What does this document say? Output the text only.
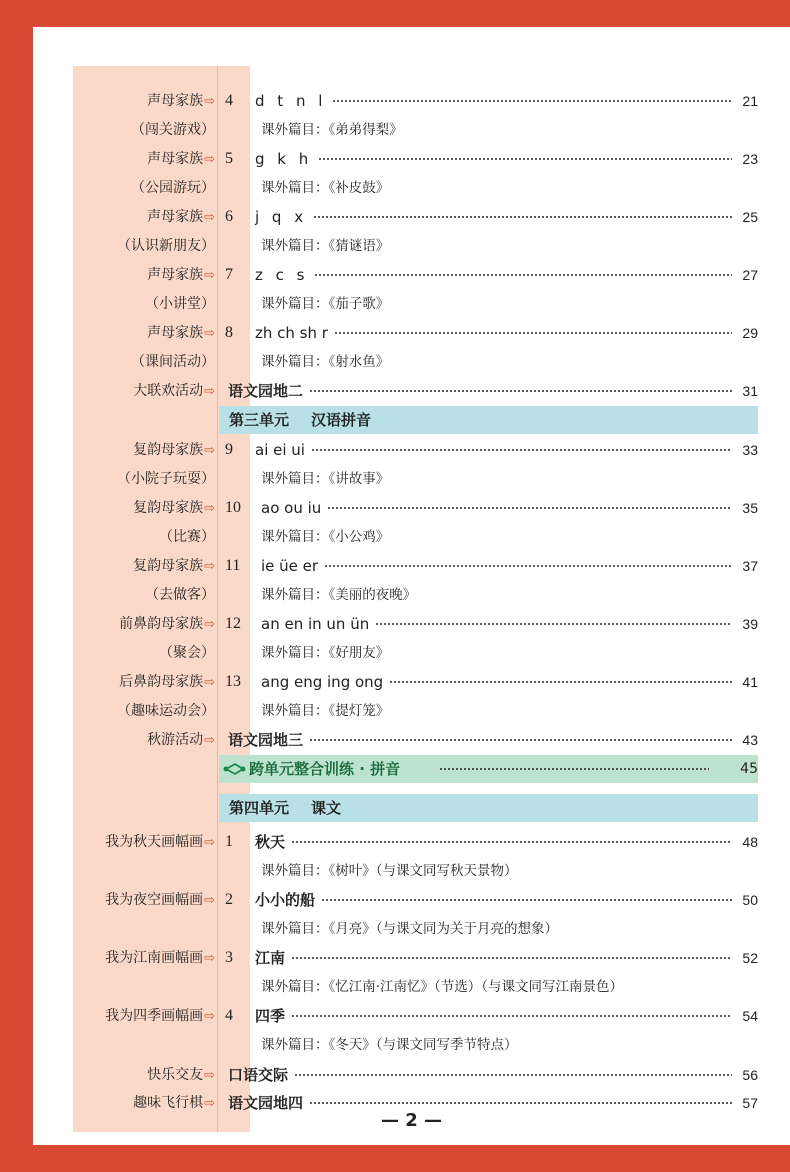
声母家族⇨ 4 d t n l	21
（闯关游戏）	课外篇目：《弟弟得梨》
声母家族⇨ 5 g k h	23
（公园游玩）	课外篇目：《补皮鼓》
声母家族⇨ 6 j q x	25
（认识新朋友）	课外篇目：《猜谜语》
声母家族⇨ 7 z c s	27
（小讲堂）	课外篇目：《茄子歌》
声母家族⇨ 8 zh ch sh r	29
（课间活动）	课外篇目：《射水鱼》
大联欢活动⇨ 语文园地二	31
第三单元 汉语拼音
复韵母家族⇨ 9 ai ei ui	33
（小院子玩耍）	课外篇目：《讲故事》
复韵母家族⇨ 10 ao ou iu	35
（比赛）	课外篇目：《小公鸡》
复韵母家族⇨ 11 ie üe er	37
（去做客）	课外篇目：《美丽的夜晚》
前鼻韵母家族⇨ 12 an en in un ün	39
（聚会）	课外篇目：《好朋友》
后鼻韵母家族⇨ 13 ang eng ing ong	41
（趣味运动会）	课外篇目：《提灯笼》
秋游活动⇨ 语文园地三	43
跨单元整合训练 · 拼音	45
第四单元 课文
我为秋天画幅画⇨ 1 秋天	48
课外篇目：《树叶》（与课文同写秋天景物）
我为夜空画幅画⇨ 2 小小的船	50
课外篇目：《月亮》（与课文同为关于月亮的想象）
我为江南画幅画⇨ 3 江南	52
课外篇目：《忆江南·江南忆》（节选）（与课文同写江南景色）
我为四季画幅画⇨ 4 四季	54
课外篇目：《冬天》（与课文同写季节特点）
快乐交友⇨ 口语交际	56
趣味飞行棋⇨ 语文园地四	57
— 2 —
